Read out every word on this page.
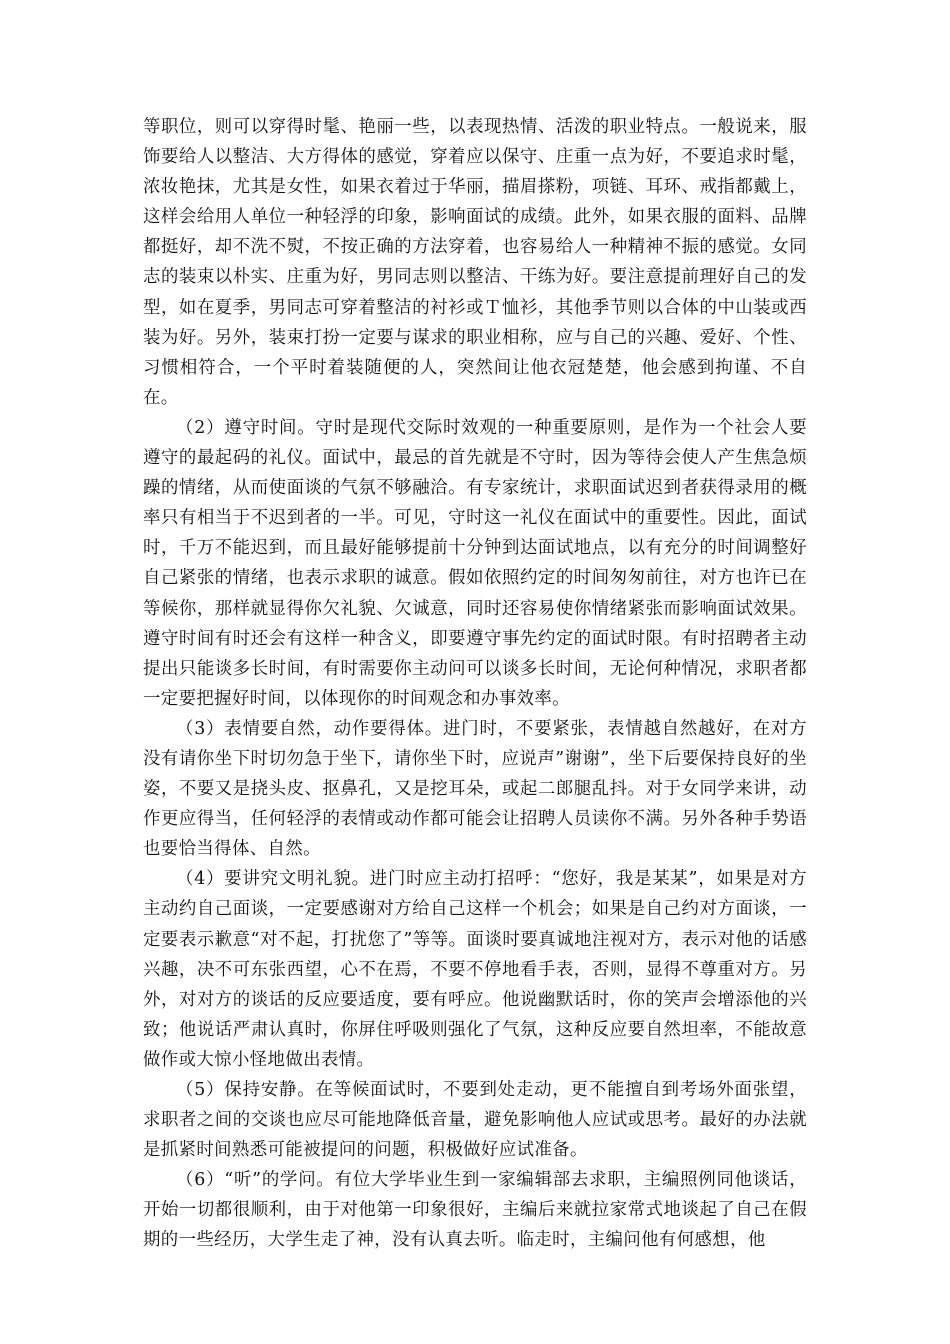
等职位，则可以穿得时髦、艳丽一些，以表现热情、活泼的职业特点。一般说来，服饰要给人以整洁、大方得体的感觉，穿着应以保守、庄重一点为好，不要追求时髦，浓妆艳抹，尤其是女性，如果衣着过于华丽，描眉搽粉，项链、耳环、戒指都戴上，这样会给用人单位一种轻浮的印象，影响面试的成绩。此外，如果衣服的面料、品牌都挺好，却不洗不熨，不按正确的方法穿着，也容易给人一种精神不振的感觉。女同志的装束以朴实、庄重为好，男同志则以整洁、干练为好。要注意提前理好自己的发型，如在夏季，男同志可穿着整洁的衬衫或Ｔ恤衫，其他季节则以合体的中山装或西装为好。另外，装束打扮一定要与谋求的职业相称，应与自己的兴趣、爱好、个性、习惯相符合，一个平时着装随便的人，突然间让他衣冠楚楚，他会感到拘谨、不自在。

（2）遵守时间。守时是现代交际时效观的一种重要原则，是作为一个社会人要遵守的最起码的礼仪。面试中，最忌的首先就是不守时，因为等待会使人产生焦急烦躁的情绪，从而使面谈的气氛不够融洽。有专家统计，求职面试迟到者获得录用的概率只有相当于不迟到者的一半。可见，守时这一礼仪在面试中的重要性。因此，面试时，千万不能迟到，而且最好能够提前十分钟到达面试地点，以有充分的时间调整好自己紧张的情绪，也表示求职的诚意。假如依照约定的时间匆匆前往，对方也许已在等候你，那样就显得你欠礼貌、欠诚意，同时还容易使你情绪紧张而影响面试效果。遵守时间有时还会有这样一种含义，即要遵守事先约定的面试时限。有时招聘者主动提出只能谈多长时间，有时需要你主动问可以谈多长时间，无论何种情况，求职者都一定要把握好时间，以体现你的时间观念和办事效率。

（3）表情要自然，动作要得体。进门时，不要紧张，表情越自然越好，在对方没有请你坐下时切勿急于坐下，请你坐下时，应说声”谢谢”，坐下后要保持良好的坐姿，不要又是挠头皮、抠鼻孔，又是挖耳朵，或起二郎腿乱抖。对于女同学来讲，动作更应得当，任何轻浮的表情或动作都可能会让招聘人员读你不满。另外各种手势语也要恰当得体、自然。

（4）要讲究文明礼貌。进门时应主动打招呼：“您好，我是某某”，如果是对方主动约自己面谈，一定要感谢对方给自己这样一个机会；如果是自己约对方面谈，一定要表示歉意“对不起，打扰您了”等等。面谈时要真诚地注视对方，表示对他的话感兴趣，决不可东张西望，心不在焉，不要不停地看手表，否则，显得不尊重对方。另外，对对方的谈话的反应要适度，要有呼应。他说幽默话时，你的笑声会增添他的兴致；他说话严肃认真时，你屏住呼吸则强化了气氛，这种反应要自然坦率，不能故意做作或大惊小怪地做出表情。

（5）保持安静。在等候面试时，不要到处走动，更不能擅自到考场外面张望，求职者之间的交谈也应尽可能地降低音量，避免影响他人应试或思考。最好的办法就是抓紧时间熟悉可能被提问的问题，积极做好应试准备。

（6）“听”的学问。有位大学毕业生到一家编辑部去求职，主编照例同他谈话，开始一切都很顺利，由于对他第一印象很好，主编后来就拉家常式地谈起了自己在假期的一些经历，大学生走了神，没有认真去听。临走时，主编问他有何感想，他
